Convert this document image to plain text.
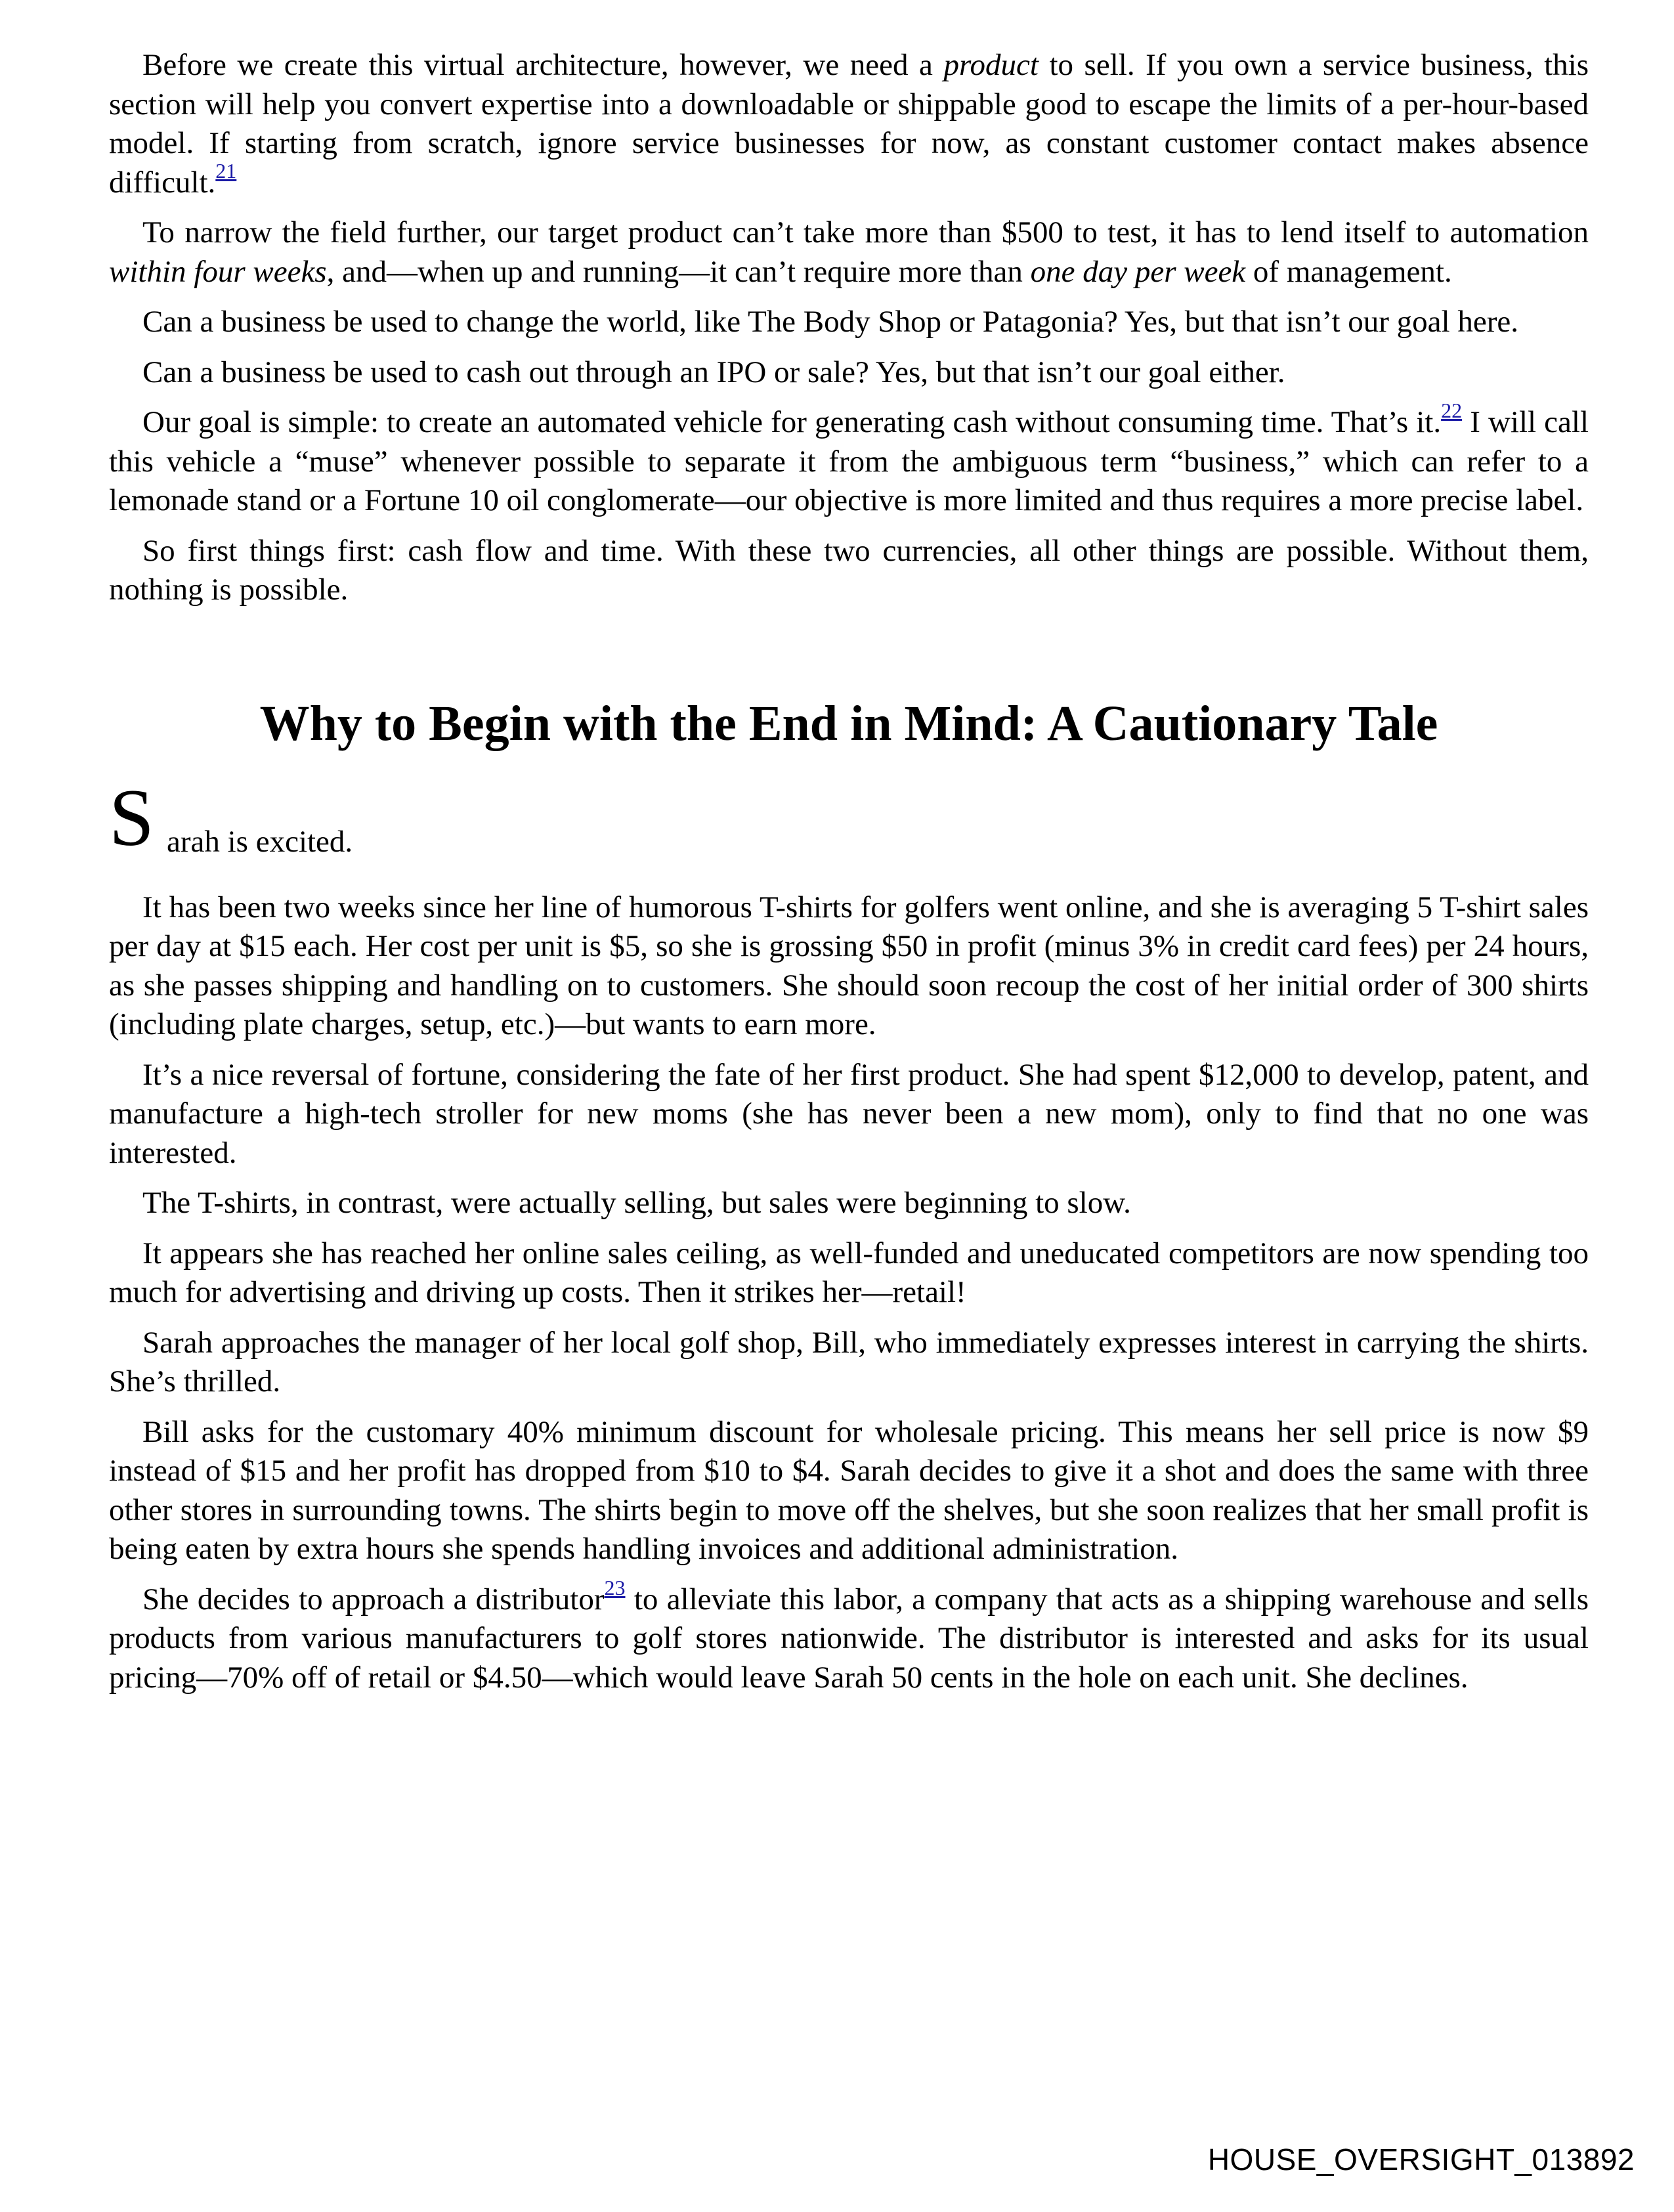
Before we create this virtual architecture, however, we need a product to sell. If you own a service business, this section will help you convert expertise into a downloadable or shippable good to escape the limits of a per-hour-based model. If starting from scratch, ignore service businesses for now, as constant customer contact makes absence difficult.$^{21}$

To narrow the field further, our target product can’t take more than $500 to test, it has to lend itself to automation within four weeks, and—when up and running—it can’t require more than one day per week of management.

Can a business be used to change the world, like The Body Shop or Patagonia? Yes, but that isn’t our goal here.

Can a business be used to cash out through an IPO or sale? Yes, but that isn’t our goal either.

Our goal is simple: to create an automated vehicle for generating cash without consuming time. That’s it.$^{22}$ I will call this vehicle a “muse” whenever possible to separate it from the ambiguous term “business,” which can refer to a lemonade stand or a Fortune 10 oil conglomerate—our objective is more limited and thus requires a more precise label.

So first things first: cash flow and time. With these two currencies, all other things are possible. Without them, nothing is possible.

Why to Begin with the End in Mind: A Cautionary Tale
S arah is excited.

It has been two weeks since her line of humorous T-shirts for golfers went online, and she is averaging 5 T-shirt sales per day at $15 each. Her cost per unit is $5, so she is grossing $50 in profit (minus 3% in credit card fees) per 24 hours, as she passes shipping and handling on to customers. She should soon recoup the cost of her initial order of 300 shirts (including plate charges, setup, etc.)—but wants to earn more.

It’s a nice reversal of fortune, considering the fate of her first product. She had spent $12,000 to develop, patent, and manufacture a high-tech stroller for new moms (she has never been a new mom), only to find that no one was interested.

The T-shirts, in contrast, were actually selling, but sales were beginning to slow.

It appears she has reached her online sales ceiling, as well-funded and uneducated competitors are now spending too much for advertising and driving up costs. Then it strikes her—retail!

Sarah approaches the manager of her local golf shop, Bill, who immediately expresses interest in carrying the shirts. She’s thrilled.

Bill asks for the customary 40% minimum discount for wholesale pricing. This means her sell price is now $9 instead of $15 and her profit has dropped from $10 to $4. Sarah decides to give it a shot and does the same with three other stores in surrounding towns. The shirts begin to move off the shelves, but she soon realizes that her small profit is being eaten by extra hours she spends handling invoices and additional administration.

She decides to approach a distributor$^{23}$ to alleviate this labor, a company that acts as a shipping warehouse and sells products from various manufacturers to golf stores nationwide. The distributor is interested and asks for its usual pricing—70% off of retail or $4.50—which would leave Sarah 50 cents in the hole on each unit. She declines.

HOUSE_OVERSIGHT_013892
